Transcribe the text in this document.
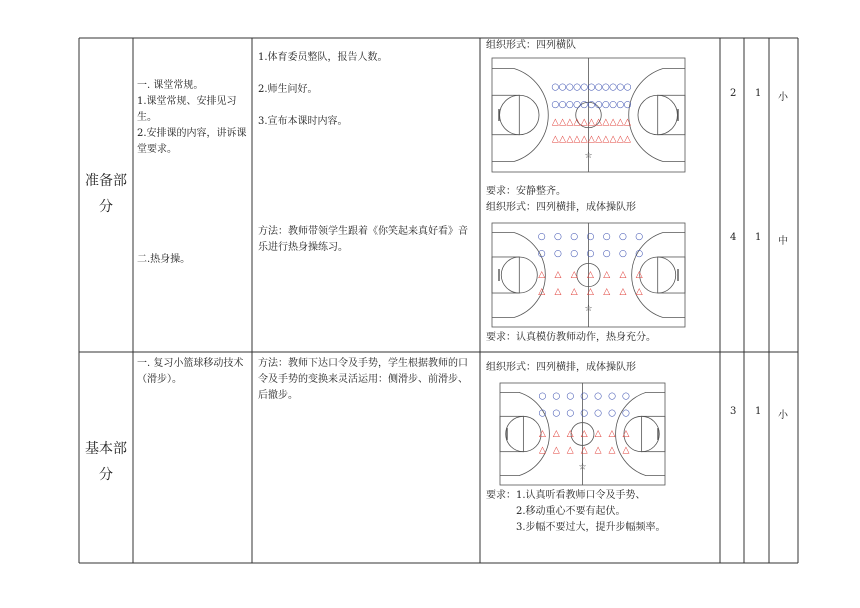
准备部分

一. 课堂常规。

1.课堂常规、安排见习生。

2.安排课的内容，讲诉课堂要求。

二.热身操。

1.体育委员整队，报告人数。

2.师生问好。

3.宣布本课时内容。

方法：教师带领学生跟着《你笑起来真好看》音乐进行热身操练习。
组织形式：四列横队
○ ○ ○ ○ ○ ○ ○ ○ ○ ○ ○
○ ○ ○ ○ ○ ○ ○ ○ ○ ○ ○
△ △ △ △ △ △ △ △ △ △ △
△ △ △ △ △ △ △ △ △ △ △
☆
要求：安静整齐。
组织形式：四列横排，成体操队形
○ ○ ○ ○ ○ ○ ○
○ ○ ○ ○ ○ ○ ○
△ △ △ △ △ △ △
△ △ △ △ △ △ △
☆
要求：认真模仿教师动作，热身充分。
2 1 小
4 1 中
基本部分
一. 复习小篮球移动技术（滑步）。
方法：教师下达口令及手势，学生根据教师的口令及手势的变换来灵活运用：侧滑步、前滑步、后撤步。
组织形式：四列横排，成体操队形
○ ○ ○ ○ ○ ○ ○
○ ○ ○ ○ ○ ○ ○
△ △ △ △ △ △ △
△ △ △ △ △ △ △
☆

要求：1.认真听看教师口令及手势、

2.移动重心不要有起伏。

3.步幅不要过大，提升步幅频率。

3 1 小
